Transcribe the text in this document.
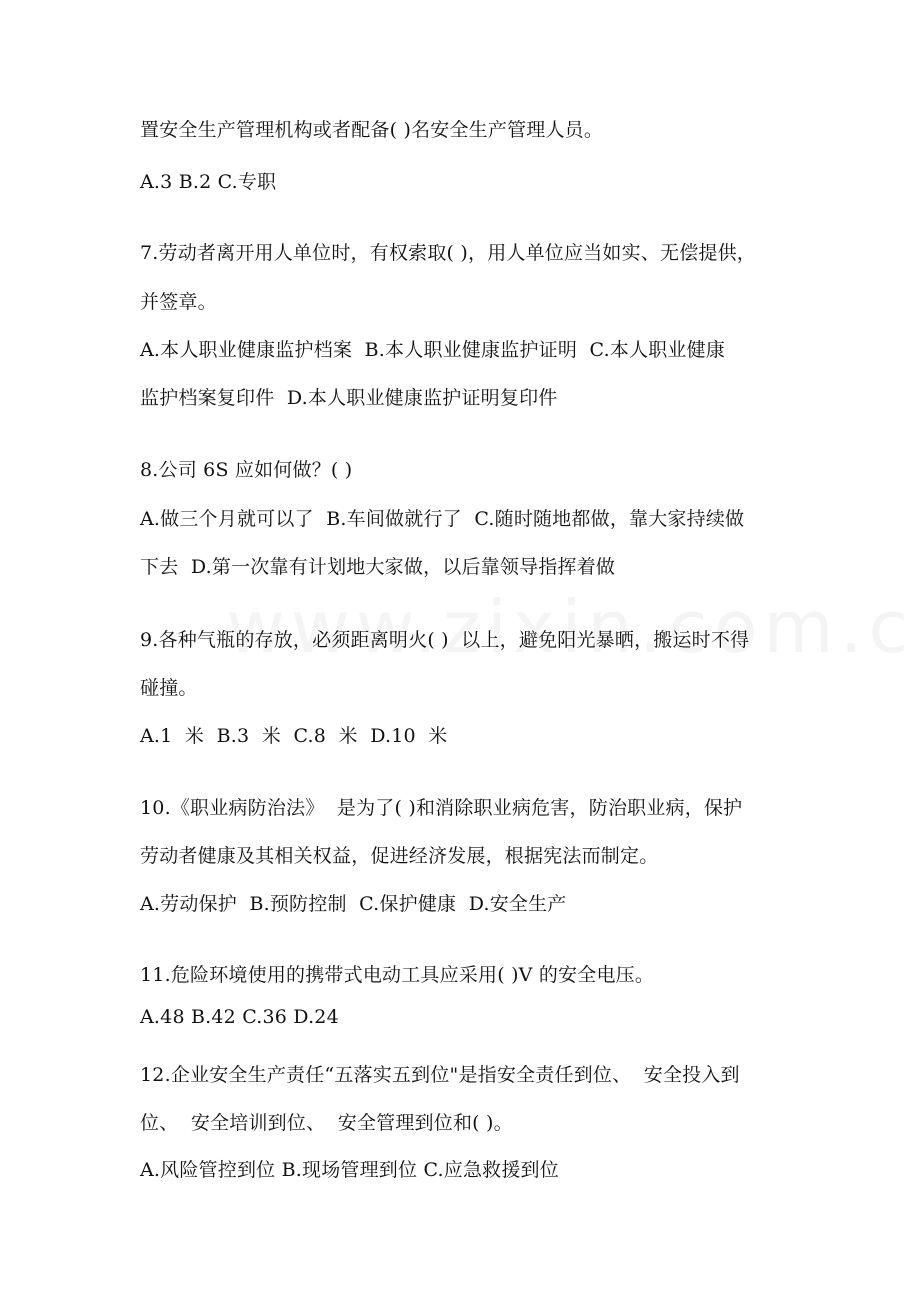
置安全生产管理机构或者配备( )名安全生产管理人员。
A.3 B.2 C.专职
7.劳动者离开用人单位时，有权索取( )，用人单位应当如实、无偿提供，
并签章。
A.本人职业健康监护档案  B.本人职业健康监护证明  C.本人职业健康
监护档案复印件  D.本人职业健康监护证明复印件
8.公司 6S 应如何做？( )
A.做三个月就可以了  B.车间做就行了  C.随时随地都做，靠大家持续做
下去  D.第一次靠有计划地大家做，以后靠领导指挥着做
9.各种气瓶的存放，必须距离明火( )  以上，避免阳光暴晒，搬运时不得
碰撞。
A.1  米  B.3  米  C.8  米  D.10  米
10.《职业病防治法》  是为了( )和消除职业病危害，防治职业病，保护
劳动者健康及其相关权益，促进经济发展，根据宪法而制定。
A.劳动保护  B.预防控制  C.保护健康  D.安全生产
11.危险环境使用的携带式电动工具应采用( )V 的安全电压。
A.48 B.42 C.36 D.24
12.企业安全生产责任“五落实五到位"是指安全责任到位、  安全投入到
位、  安全培训到位、  安全管理到位和( )。
A.风险管控到位 B.现场管理到位 C.应急救援到位
